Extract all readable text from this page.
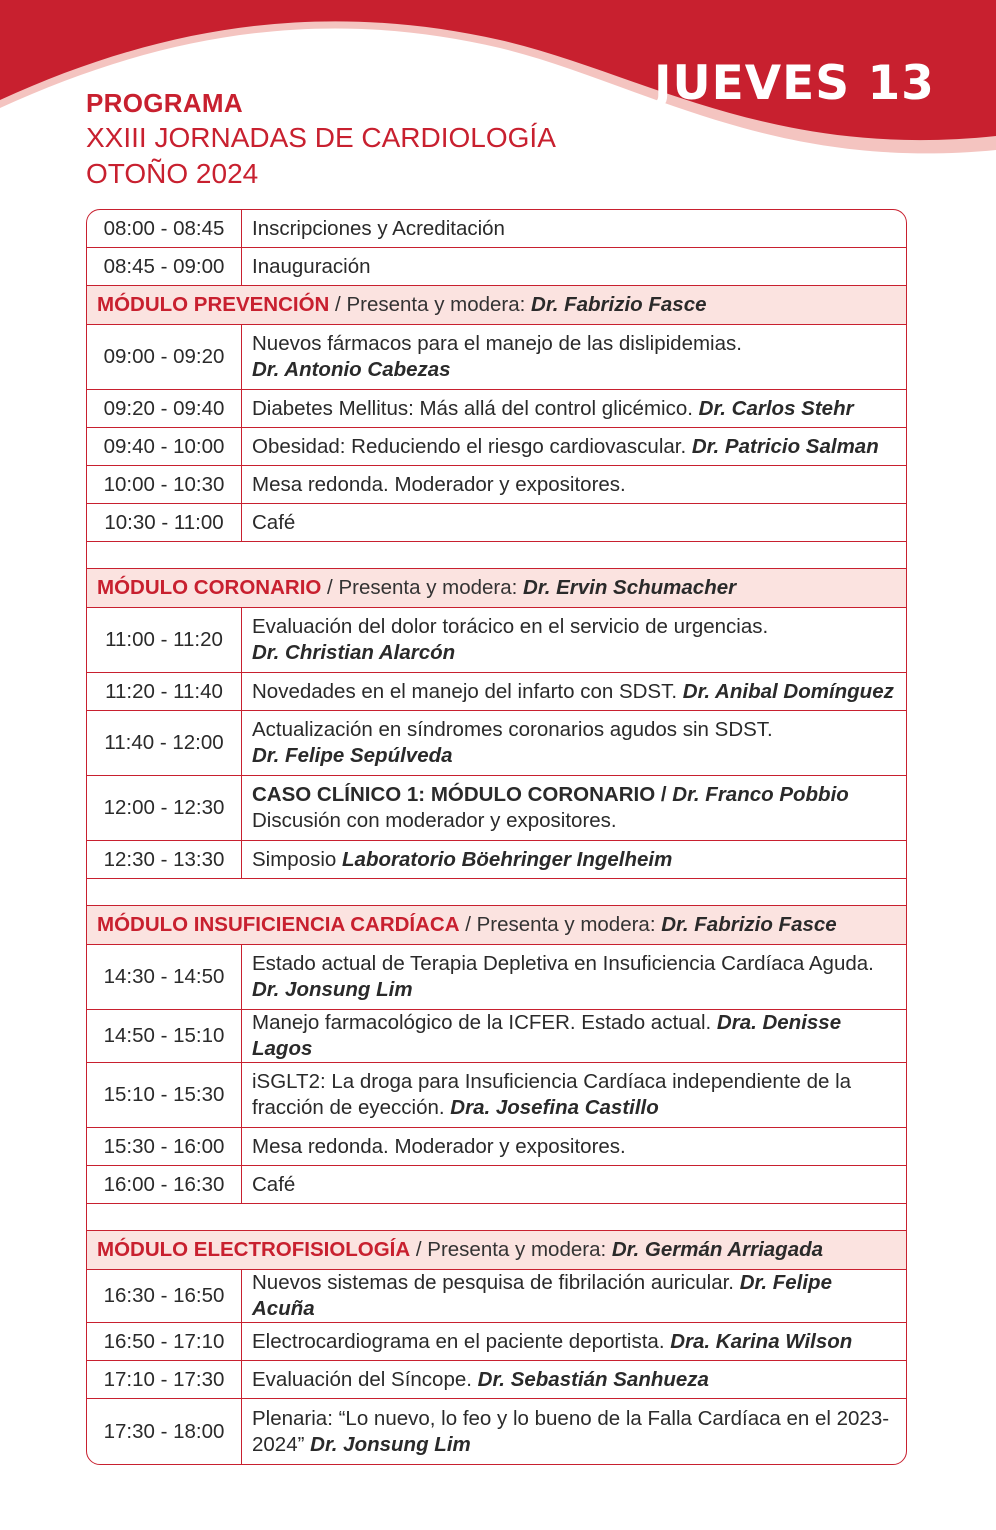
JUEVES 13
PROGRAMA
XXIII JORNADAS DE CARDIOLOGÍA
OTOÑO 2024
08:00 - 08:45	Inscripciones y Acreditación
08:45 - 09:00	Inauguración
MÓDULO PREVENCIÓN / Presenta y modera: Dr. Fabrizio Fasce	
09:00 - 09:20	Nuevos fármacos para el manejo de las dislipidemias.
Dr. Antonio Cabezas
09:20 - 09:40	Diabetes Mellitus: Más allá del control glicémico. Dr. Carlos Stehr
09:40 - 10:00	Obesidad: Reduciendo el riesgo cardiovascular. Dr. Patricio Salman
10:00 - 10:30	Mesa redonda. Moderador y expositores.
10:30 - 11:00	Café

MÓDULO CORONARIO / Presenta y modera: Dr. Ervin Schumacher	
11:00 - 11:20	Evaluación del dolor torácico en el servicio de urgencias.
Dr. Christian Alarcón
11:20 - 11:40	Novedades en el manejo del infarto con SDST. Dr. Anibal Domínguez
11:40 - 12:00	Actualización en síndromes coronarios agudos sin SDST.
Dr. Felipe Sepúlveda
12:00 - 12:30	CASO CLÍNICO 1: MÓDULO CORONARIO / Dr. Franco Pobbio
Discusión con moderador y expositores.
12:30 - 13:30	Simposio Laboratorio Böehringer Ingelheim

MÓDULO INSUFICIENCIA CARDÍACA / Presenta y modera: Dr. Fabrizio Fasce	
14:30 - 14:50	Estado actual de Terapia Depletiva en Insuficiencia Cardíaca Aguda.
Dr. Jonsung Lim
14:50 - 15:10	Manejo farmacológico de la ICFER. Estado actual. Dra. Denisse Lagos
15:10 - 15:30	iSGLT2: La droga para Insuficiencia Cardíaca independiente de la
fracción de eyección. Dra. Josefina Castillo
15:30 - 16:00	Mesa redonda. Moderador y expositores.
16:00 - 16:30	Café

MÓDULO ELECTROFISIOLOGÍA / Presenta y modera: Dr. Germán Arriagada	
16:30 - 16:50	Nuevos sistemas de pesquisa de fibrilación auricular. Dr. Felipe Acuña
16:50 - 17:10	Electrocardiograma en el paciente deportista. Dra. Karina Wilson
17:10 - 17:30	Evaluación del Síncope. Dr. Sebastián Sanhueza
17:30 - 18:00	Plenaria: “Lo nuevo, lo feo y lo bueno de la Falla Cardíaca en el 2023-
2024” Dr. Jonsung Lim
